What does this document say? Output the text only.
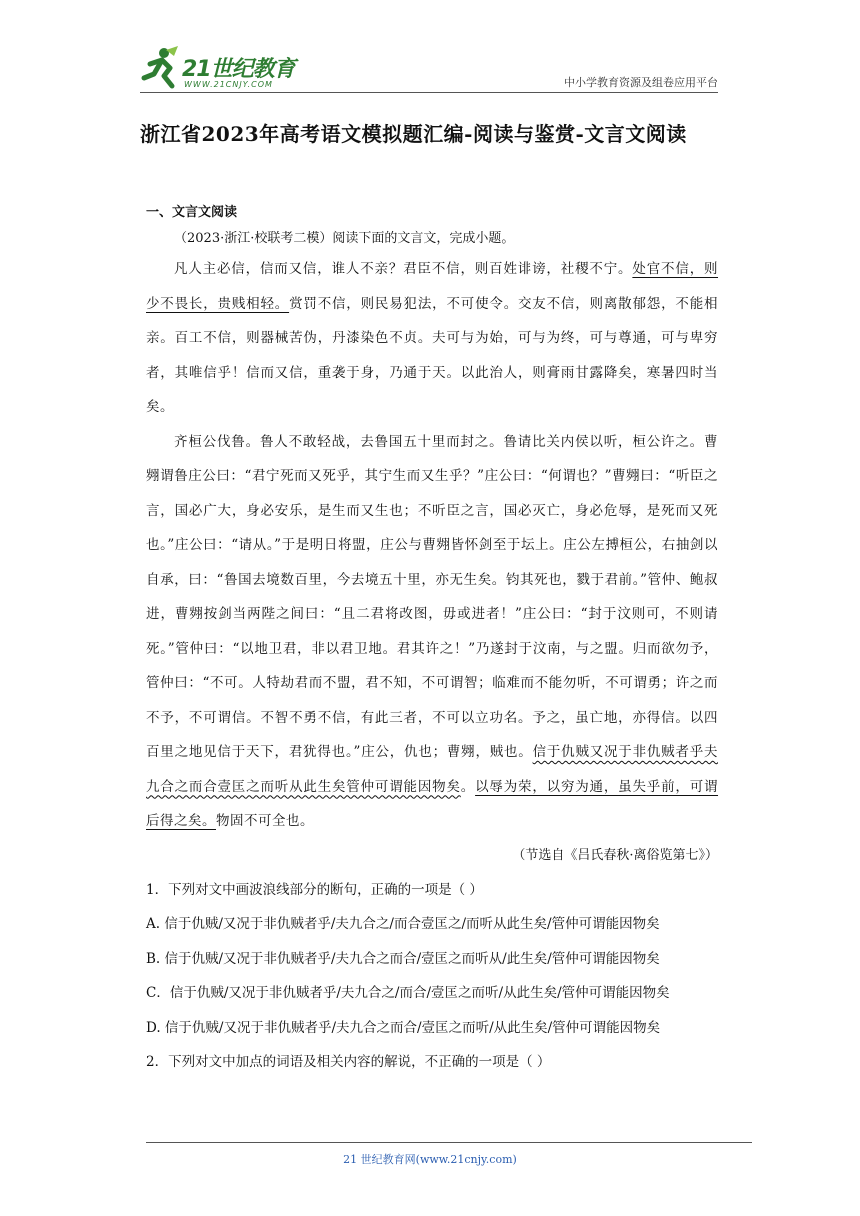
21世纪教育
WWW.21CNJY.COM	中小学教育资源及组卷应用平台
浙江省2023年高考语文模拟题汇编-阅读与鉴赏-文言文阅读
一、文言文阅读
（2023·浙江·校联考二模）阅读下面的文言文，完成小题。

凡人主必信，信而又信，谁人不亲？君臣不信，则百姓诽谤，社稷不宁。处官不信，则少不畏长，贵贱相轻。赏罚不信，则民易犯法，不可使令。交友不信，则离散郁怨，不能相亲。百工不信，则器械苦伪，丹漆染色不贞。夫可与为始，可与为终，可与尊通，可与卑穷者，其唯信乎！信而又信，重袭于身，乃通于天。以此治人，则膏雨甘露降矣，寒暑四时当矣。

齐桓公伐鲁。鲁人不敢轻战，去鲁国五十里而封之。鲁请比关内侯以听，桓公许之。曹翙谓鲁庄公曰：“君宁死而又死乎，其宁生而又生乎？”庄公曰：“何谓也？”曹翙曰：“听臣之言，国必广大，身必安乐，是生而又生也；不听臣之言，国必灭亡，身必危辱，是死而又死也。”庄公曰：“请从。”于是明日将盟，庄公与曹翙皆怀剑至于坛上。庄公左搏桓公，右抽剑以自承，曰：“鲁国去境数百里，今去境五十里，亦无生矣。钧其死也，戮于君前。”管仲、鲍叔进，曹翙按剑当两陛之间曰：“且二君将改图，毋或进者！”庄公曰：“封于汶则可，不则请死。”管仲曰：“以地卫君，非以君卫地。君其许之！”乃遂封于汶南，与之盟。归而欲勿予，管仲曰：“不可。人特劫君而不盟，君不知，不可谓智；临难而不能勿听，不可谓勇；许之而不予，不可谓信。不智不勇不信，有此三者，不可以立功名。予之，虽亡地，亦得信。以四百里之地见信于天下，君犹得也。”庄公，仇也；曹翙，贼也。信于仇贼又况于非仇贼者乎夫九合之而合壹匡之而听从此生矣管仲可谓能因物矣。以辱为荣，以穷为通，虽失乎前，可谓后得之矣。物固不可全也。

（节选自《吕氏春秋·离俗览第七》）

1．下列对文中画波浪线部分的断句，正确的一项是（ ）

A. 信于仇贼/又况于非仇贼者乎/夫九合之/而合壹匡之/而听从此生矣/管仲可谓能因物矣

B. 信于仇贼/又况于非仇贼者乎/夫九合之而合/壹匡之而听从/此生矣/管仲可谓能因物矣

C．信于仇贼/又况于非仇贼者乎/夫九合之/而合/壹匡之而听/从此生矣/管仲可谓能因物矣

D. 信于仇贼/又况于非仇贼者乎/夫九合之而合/壹匡之而听/从此生矣/管仲可谓能因物矣

2．下列对文中加点的词语及相关内容的解说，不正确的一项是（ ）

21 世纪教育网(www.21cnjy.com)
